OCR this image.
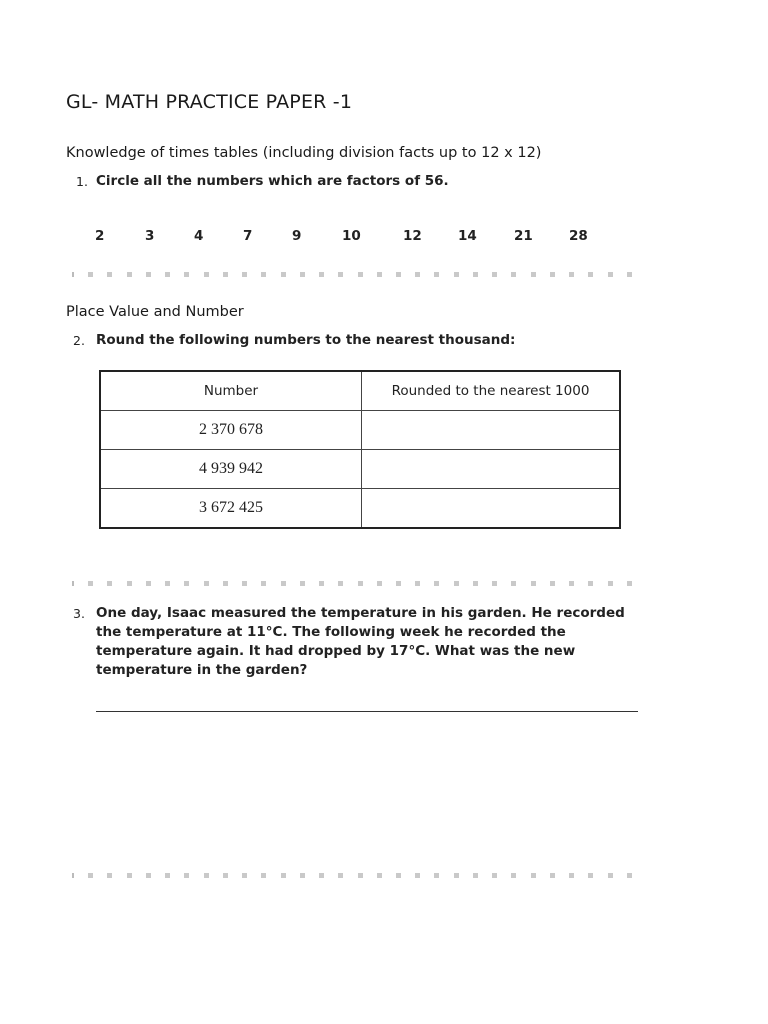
GL- MATH PRACTICE PAPER -1
Knowledge of times tables (including division facts up to 12 x 12)
1. Circle all the numbers which are factors of 56.
2	3	4	7	9	10	12	14	21	28
Place Value and Number
2. Round the following numbers to the nearest thousand:
Number	Rounded to the nearest 1000
2 370 678	
4 939 942	
3 672 425	
3. One day, Isaac measured the temperature in his garden. He recorded the temperature at 11°C. The following week he recorded the temperature again. It had dropped by 17°C. What was the new temperature in the garden?
